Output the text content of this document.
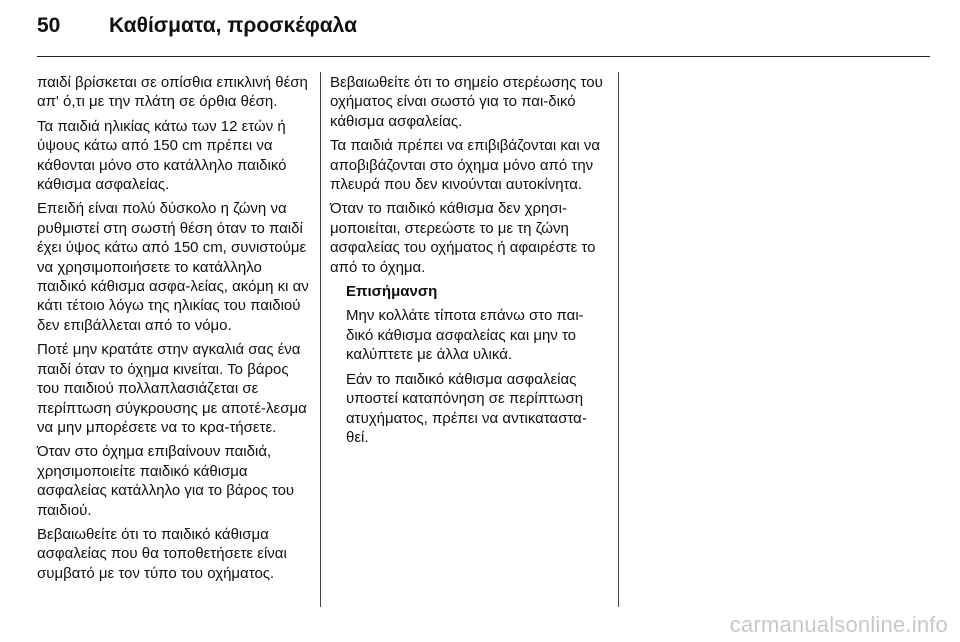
50	Καθίσματα, προσκέφαλα

παιδί βρίσκεται σε οπίσθια επικλινή θέση απ' ό,τι με την πλάτη σε όρθια θέση.

Τα παιδιά ηλικίας κάτω των 12 ετών ή ύψους κάτω από 150 cm πρέπει να κάθονται μόνο στο κατάλληλο παιδικό κάθισμα ασφαλείας.

Επειδή είναι πολύ δύσκολο η ζώνη να ρυθμιστεί στη σωστή θέση όταν το παιδί έχει ύψος κάτω από 150 cm, συνιστούμε να χρησιμοποιήσετε το κατάλληλο παιδικό κάθισμα ασφα-λείας, ακόμη κι αν κάτι τέτοιο λόγω της ηλικίας του παιδιού δεν επιβάλλεται από το νόμο.

Ποτέ μην κρατάτε στην αγκαλιά σας ένα παιδί όταν το όχημα κινείται. Το βάρος του παιδιού πολλαπλασιάζεται σε περίπτωση σύγκρουσης με αποτέ-λεσμα να μην μπορέσετε να το κρα-τήσετε.

Όταν στο όχημα επιβαίνουν παιδιά, χρησιμοποιείτε παιδικό κάθισμα ασφαλείας κατάλληλο για το βάρος του παιδιού.

Βεβαιωθείτε ότι το παιδικό κάθισμα ασφαλείας που θα τοποθετήσετε είναι συμβατό με τον τύπο του οχήματος.

Βεβαιωθείτε ότι το σημείο στερέωσης του οχήματος είναι σωστό για το παι-δικό κάθισμα ασφαλείας.

Τα παιδιά πρέπει να επιβιβάζονται και να αποβιβάζονται στο όχημα μόνο από την πλευρά που δεν κινούνται αυτοκίνητα.

Όταν το παιδικό κάθισμα δεν χρησι-μοποιείται, στερεώστε το με τη ζώνη ασφαλείας του οχήματος ή αφαιρέστε το από το όχημα.

Επισήμανση

Μην κολλάτε τίποτα επάνω στο παι-δικό κάθισμα ασφαλείας και μην το καλύπτετε με άλλα υλικά.

Εάν το παιδικό κάθισμα ασφαλείας υποστεί καταπόνηση σε περίπτωση ατυχήματος, πρέπει να αντικαταστα-θεί.

carmanualsonline.info
